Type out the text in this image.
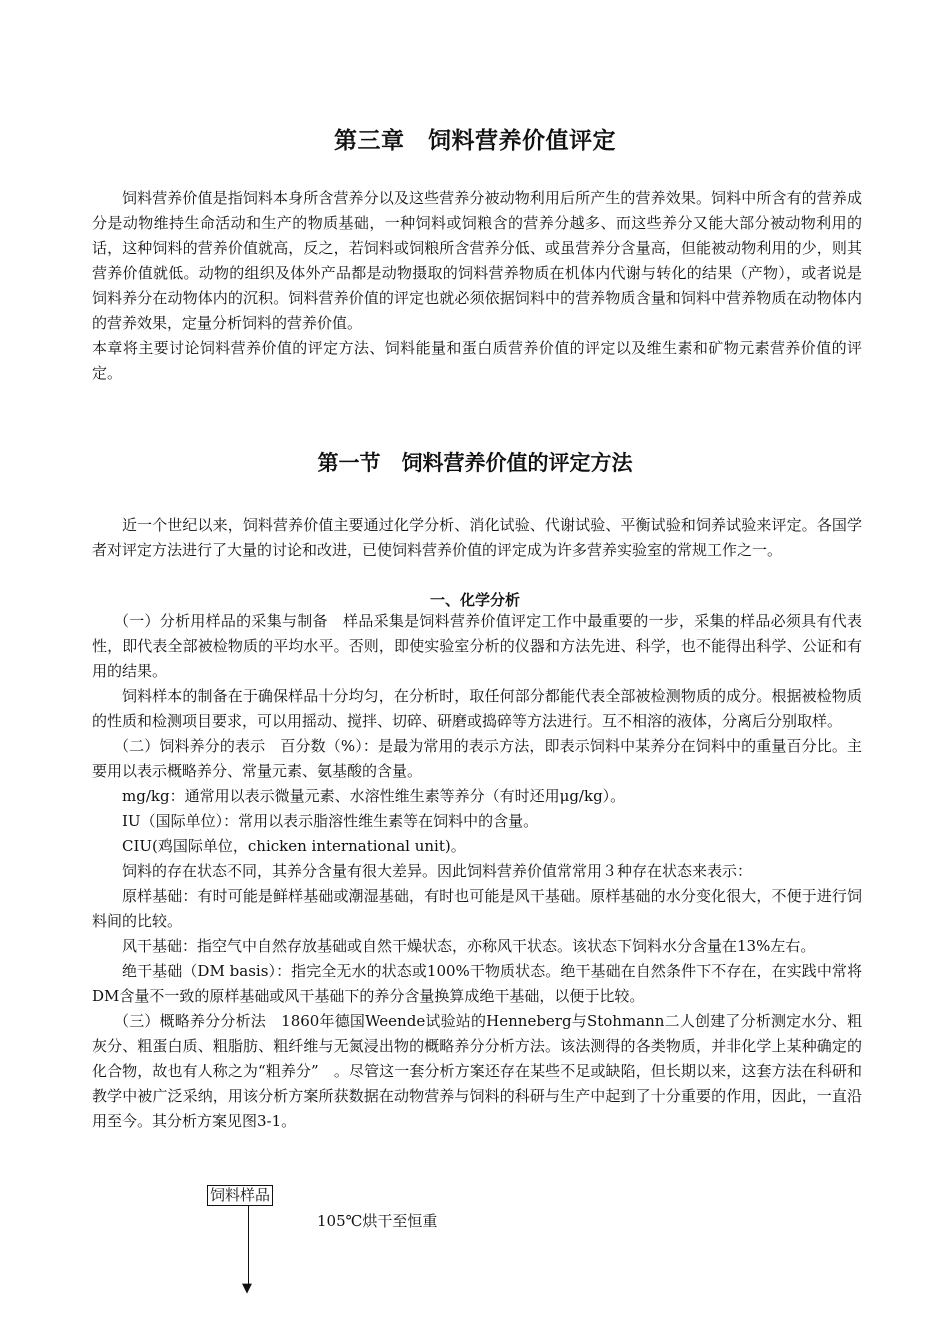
第三章　饲料营养价值评定

饲料营养价值是指饲料本身所含营养分以及这些营养分被动物利用后所产生的营养效果。饲料中所含有的营养成分是动物维持生命活动和生产的物质基础，一种饲料或饲粮含的营养分越多、而这些养分又能大部分被动物利用的话，这种饲料的营养价值就高，反之，若饲料或饲粮所含营养分低、或虽营养分含量高，但能被动物利用的少，则其营养价值就低。动物的组织及体外产品都是动物摄取的饲料营养物质在机体内代谢与转化的结果（产物），或者说是饲料养分在动物体内的沉积。饲料营养价值的评定也就必须依据饲料中的营养物质含量和饲料中营养物质在动物体内的营养效果，定量分析饲料的营养价值。

本章将主要讨论饲料营养价值的评定方法、饲料能量和蛋白质营养价值的评定以及维生素和矿物元素营养价值的评定。

第一节　饲料营养价值的评定方法

近一个世纪以来，饲料营养价值主要通过化学分析、消化试验、代谢试验、平衡试验和饲养试验来评定。各国学者对评定方法进行了大量的讨论和改进，已使饲料营养价值的评定成为许多营养实验室的常规工作之一。

一、化学分析

（一）分析用样品的采集与制备　样品采集是饲料营养价值评定工作中最重要的一步，采集的样品必须具有代表性，即代表全部被检物质的平均水平。否则，即使实验室分析的仪器和方法先进、科学，也不能得出科学、公证和有用的结果。

饲料样本的制备在于确保样品十分均匀，在分析时，取任何部分都能代表全部被检测物质的成分。根据被检物质的性质和检测项目要求，可以用摇动、搅拌、切碎、研磨或捣碎等方法进行。互不相溶的液体，分离后分别取样。

（二）饲料养分的表示　百分数（%）：是最为常用的表示方法，即表示饲料中某养分在饲料中的重量百分比。主要用以表示概略养分、常量元素、氨基酸的含量。

mg/kg：通常用以表示微量元素、水溶性维生素等养分（有时还用μg/kg）。

IU（国际单位）：常用以表示脂溶性维生素等在饲料中的含量。

CIU(鸡国际单位，chicken international unit)。

饲料的存在状态不同，其养分含量有很大差异。因此饲料营养价值常常用３种存在状态来表示：

原样基础：有时可能是鲜样基础或潮湿基础，有时也可能是风干基础。原样基础的水分变化很大，不便于进行饲料间的比较。

风干基础：指空气中自然存放基础或自然干燥状态，亦称风干状态。该状态下饲料水分含量在13%左右。

绝干基础（DM basis）：指完全无水的状态或100%干物质状态。绝干基础在自然条件下不存在，在实践中常将DM含量不一致的原样基础或风干基础下的养分含量换算成绝干基础，以便于比较。

（三）概略养分分析法　1860年德国Weende试验站的Henneberg与Stohmann二人创建了分析测定水分、粗灰分、粗蛋白质、粗脂肪、粗纤维与无氮浸出物的概略养分分析方法。该法测得的各类物质，并非化学上某种确定的化合物，故也有人称之为“粗养分”　。尽管这一套分析方案还存在某些不足或缺陷，但长期以来，这套方法在科研和教学中被广泛采纳，用该分析方案所获数据在动物营养与饲料的科研与生产中起到了十分重要的作用，因此，一直沿用至今。其分析方案见图3-1。

饲料样品
105℃烘干至恒重
▼
